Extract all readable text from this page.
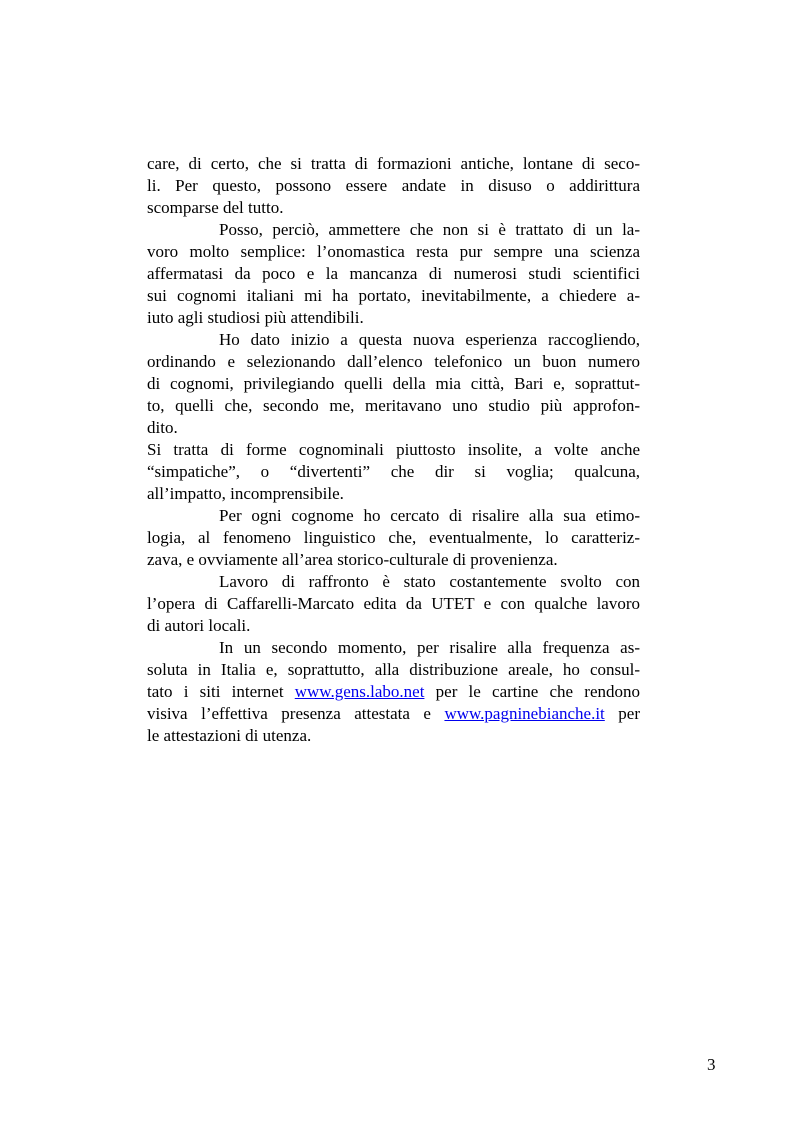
care, di certo, che si tratta di formazioni antiche, lontane di seco-
li. Per questo, possono essere andate in disuso o addirittura
scomparse del tutto.
Posso, perciò, ammettere che non si è trattato di un la-
voro molto semplice: l’onomastica resta pur sempre una scienza
affermatasi da poco e la mancanza di numerosi studi scientifici
sui cognomi italiani mi ha portato, inevitabilmente, a chiedere a-
iuto agli studiosi più attendibili.
Ho dato inizio a questa nuova esperienza raccogliendo,
ordinando e selezionando dall’elenco telefonico un buon numero
di cognomi, privilegiando quelli della mia città, Bari e, soprattut-
to, quelli che, secondo me, meritavano uno studio più approfon-
dito.
Si tratta di forme cognominali piuttosto insolite, a volte anche
“simpatiche”, o “divertenti” che dir si voglia; qualcuna,
all’impatto, incomprensibile.
Per ogni cognome ho cercato di risalire alla sua etimo-
logia, al fenomeno linguistico che, eventualmente, lo caratteriz-
zava, e ovviamente all’area storico-culturale di provenienza.
Lavoro di raffronto è stato costantemente svolto con
l’opera di Caffarelli-Marcato edita da UTET e con qualche lavoro
di autori locali.
In un secondo momento, per risalire alla frequenza as-
soluta in Italia e, soprattutto, alla distribuzione areale, ho consul-
tato i siti internet www.gens.labo.net per le cartine che rendono
visiva l’effettiva presenza attestata e www.pagninebianche.it per
le attestazioni di utenza.
3
